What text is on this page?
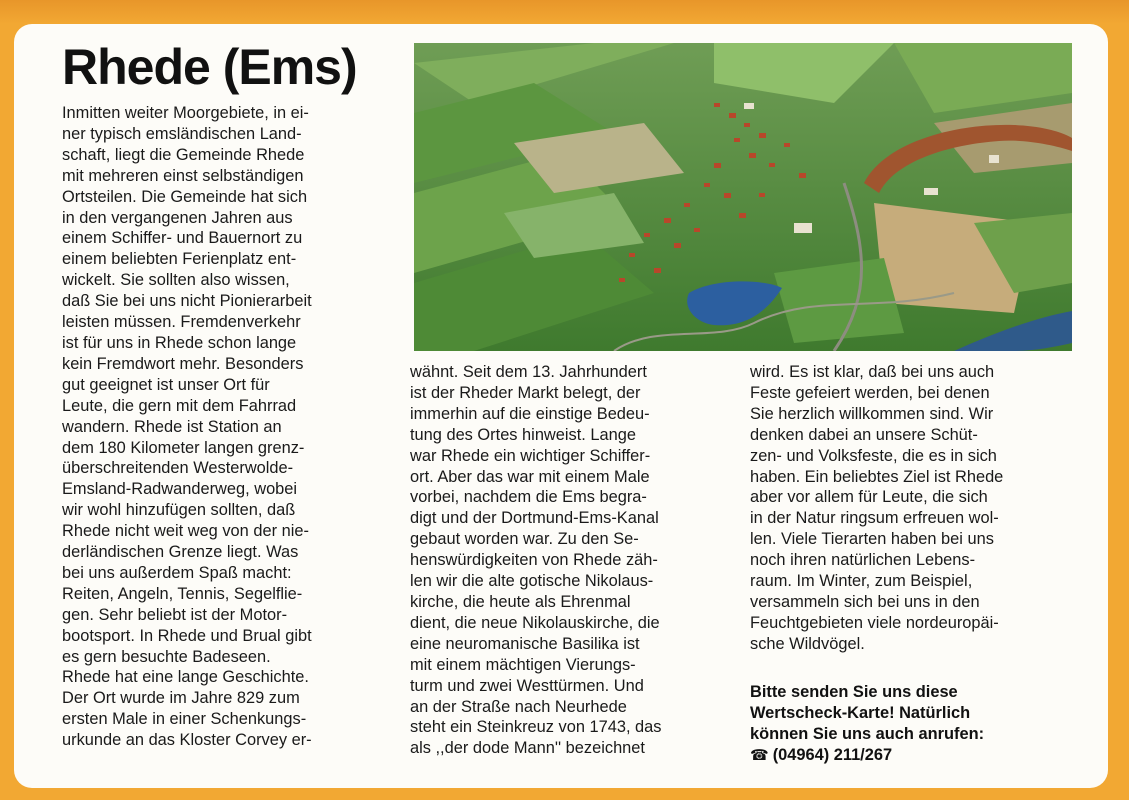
Rhede (Ems)
Inmitten weiter Moorgebiete, in ei-
ner typisch emsländischen Land-
schaft, liegt die Gemeinde Rhede
mit mehreren einst selbständigen
Ortsteilen. Die Gemeinde hat sich
in den vergangenen Jahren aus
einem Schiffer- und Bauernort zu
einem beliebten Ferienplatz ent-
wickelt. Sie sollten also wissen,
daß Sie bei uns nicht Pionierarbeit
leisten müssen. Fremdenverkehr
ist für uns in Rhede schon lange
kein Fremdwort mehr. Besonders
gut geeignet ist unser Ort für
Leute, die gern mit dem Fahrrad
wandern. Rhede ist Station an
dem 180 Kilometer langen grenz-
überschreitenden Westerwolde-
Emsland-Radwanderweg, wobei
wir wohl hinzufügen sollten, daß
Rhede nicht weit weg von der nie-
derländischen Grenze liegt. Was
bei uns außerdem Spaß macht:
Reiten, Angeln, Tennis, Segelflie-
gen. Sehr beliebt ist der Motor-
bootsport. In Rhede und Brual gibt
es gern besuchte Badeseen.
Rhede hat eine lange Geschichte.
Der Ort wurde im Jahre 829 zum
ersten Male in einer Schenkungs-
urkunde an das Kloster Corvey er-
wähnt. Seit dem 13. Jahrhundert
ist der Rheder Markt belegt, der
immerhin auf die einstige Bedeu-
tung des Ortes hinweist. Lange
war Rhede ein wichtiger Schiffer-
ort. Aber das war mit einem Male
vorbei, nachdem die Ems begra-
digt und der Dortmund-Ems-Kanal
gebaut worden war. Zu den Se-
henswürdigkeiten von Rhede zäh-
len wir die alte gotische Nikolaus-
kirche, die heute als Ehrenmal
dient, die neue Nikolauskirche, die
eine neuromanische Basilika ist
mit einem mächtigen Vierungs-
turm und zwei Westtürmen. Und
an der Straße nach Neurhede
steht ein Steinkreuz von 1743, das
als ,,der dode Mann'' bezeichnet
wird. Es ist klar, daß bei uns auch
Feste gefeiert werden, bei denen
Sie herzlich willkommen sind. Wir
denken dabei an unsere Schüt-
zen- und Volksfeste, die es in sich
haben. Ein beliebtes Ziel ist Rhede
aber vor allem für Leute, die sich
in der Natur ringsum erfreuen wol-
len. Viele Tierarten haben bei uns
noch ihren natürlichen Lebens-
raum. Im Winter, zum Beispiel,
versammeln sich bei uns in den
Feuchtgebieten viele nordeuropäi-
sche Wildvögel.
Bitte senden Sie uns diese
Wertscheck-Karte! Natürlich
können Sie uns auch anrufen:
☎ (04964) 211/267
